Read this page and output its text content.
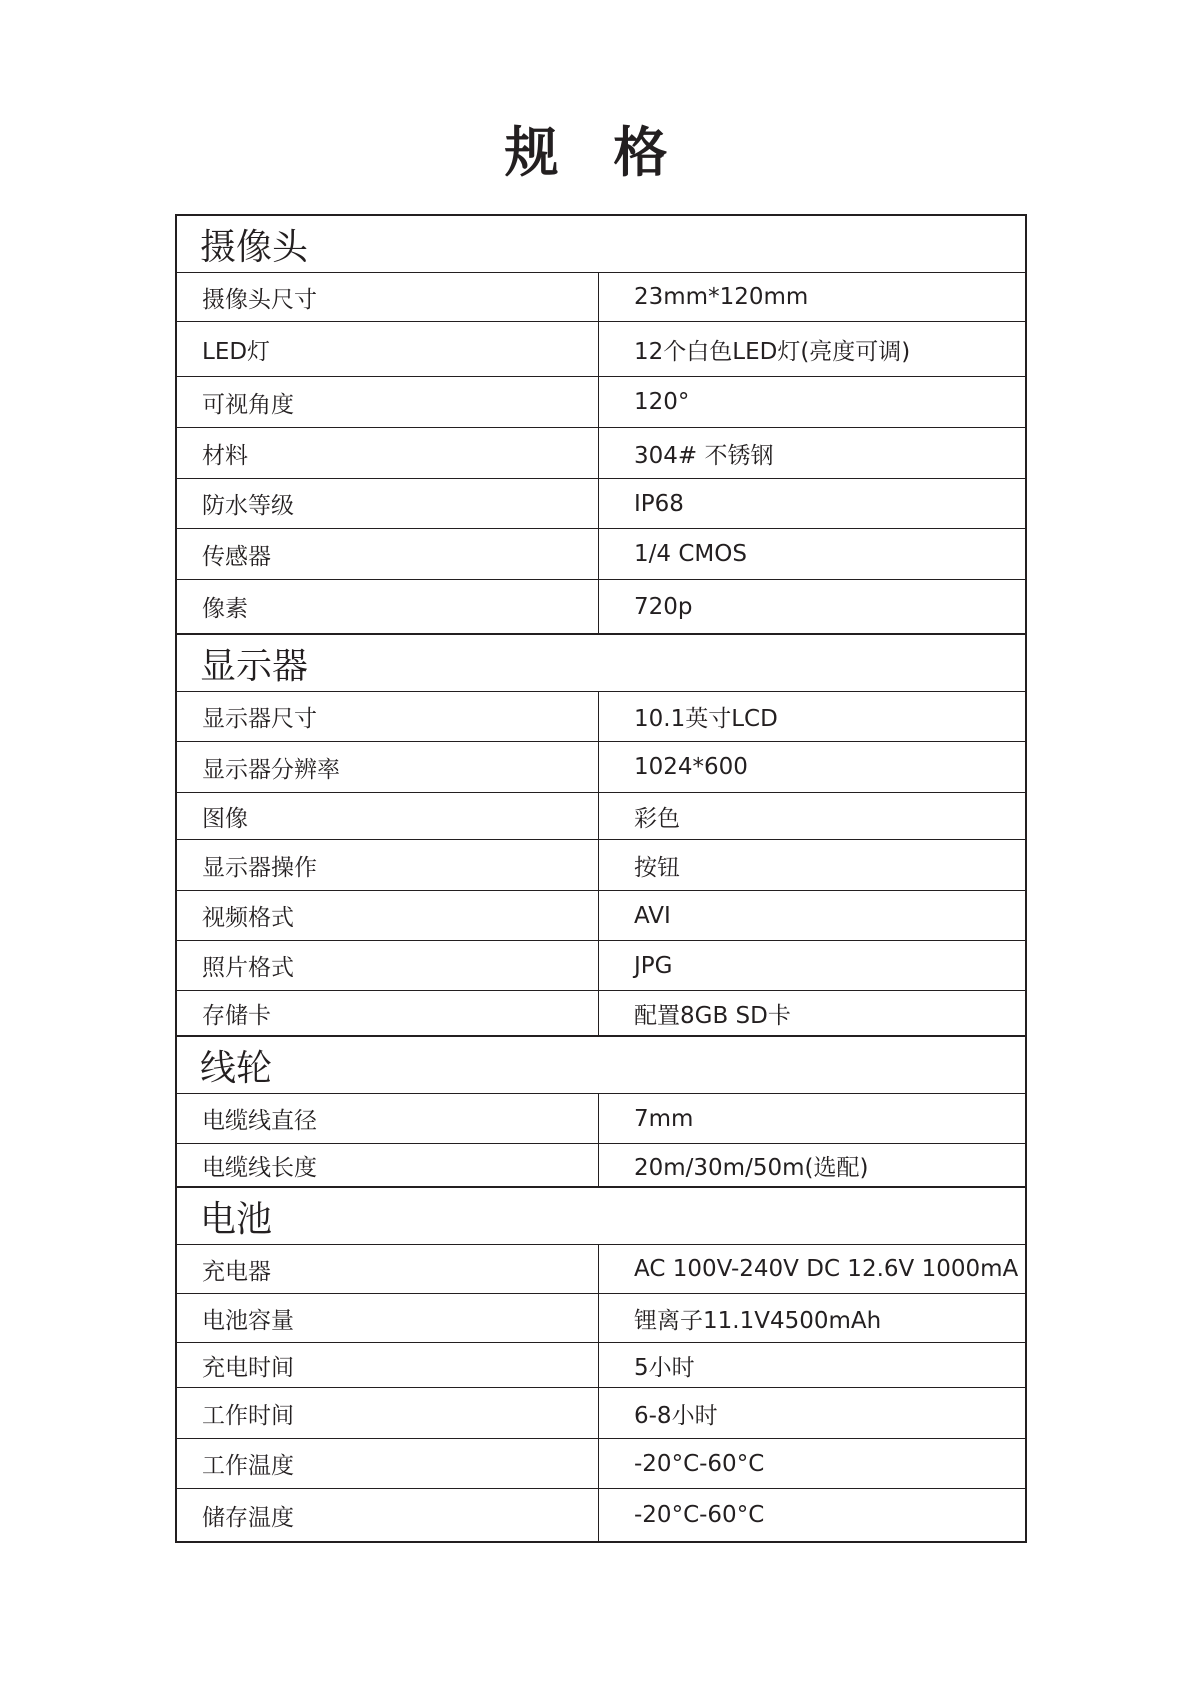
规 格
摄像头
摄像头尺寸	23mm*120mm
LED灯	12个白色LED灯(亮度可调)
可视角度	120°
材料	304# 不锈钢
防水等级	IP68
传感器	1/4 CMOS
像素	720p
显示器
显示器尺寸	10.1英寸LCD
显示器分辨率	1024*600
图像	彩色
显示器操作	按钮
视频格式	AVI
照片格式	JPG
存储卡	配置8GB SD卡
线轮
电缆线直径	7mm
电缆线长度	20m/30m/50m(选配)
电池
充电器	AC 100V-240V DC 12.6V 1000mA
电池容量	锂离子11.1V4500mAh
充电时间	5小时
工作时间	6-8小时
工作温度	-20°C-60°C
储存温度	-20°C-60°C
